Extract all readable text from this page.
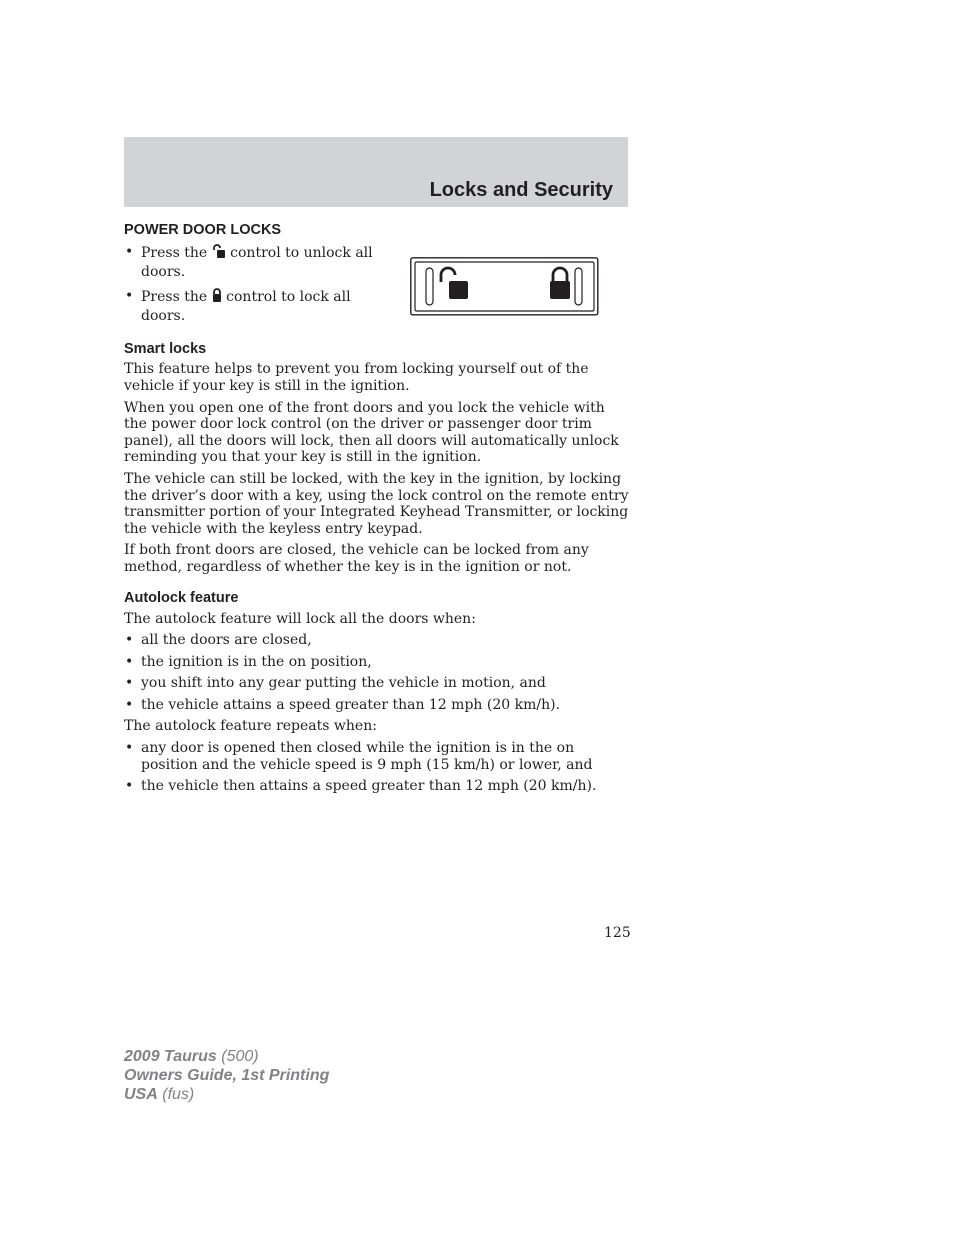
Locks and Security
POWER DOOR LOCKS
• Press the control to unlock all
doors.
• Press the control to lock all
doors.
Smart locks

This feature helps to prevent you from locking yourself out of the vehicle if your key is still in the ignition.

When you open one of the front doors and you lock the vehicle with the power door lock control (on the driver or passenger door trim panel), all the doors will lock, then all doors will automatically unlock reminding you that your key is still in the ignition.

The vehicle can still be locked, with the key in the ignition, by locking the driver’s door with a key, using the lock control on the remote entry transmitter portion of your Integrated Keyhead Transmitter, or locking the vehicle with the keyless entry keypad.

If both front doors are closed, the vehicle can be locked from any method, regardless of whether the key is in the ignition or not.

Autolock feature

The autolock feature will lock all the doors when:

• all the doors are closed,
• the ignition is in the on position,
• you shift into any gear putting the vehicle in motion, and
• the vehicle attains a speed greater than 12 mph (20 km/h).

The autolock feature repeats when:

• any door is opened then closed while the ignition is in the on position and the vehicle speed is 9 mph (15 km/h) or lower, and
• the vehicle then attains a speed greater than 12 mph (20 km/h).
125
2009 Taurus (500)
Owners Guide, 1st Printing
USA (fus)
